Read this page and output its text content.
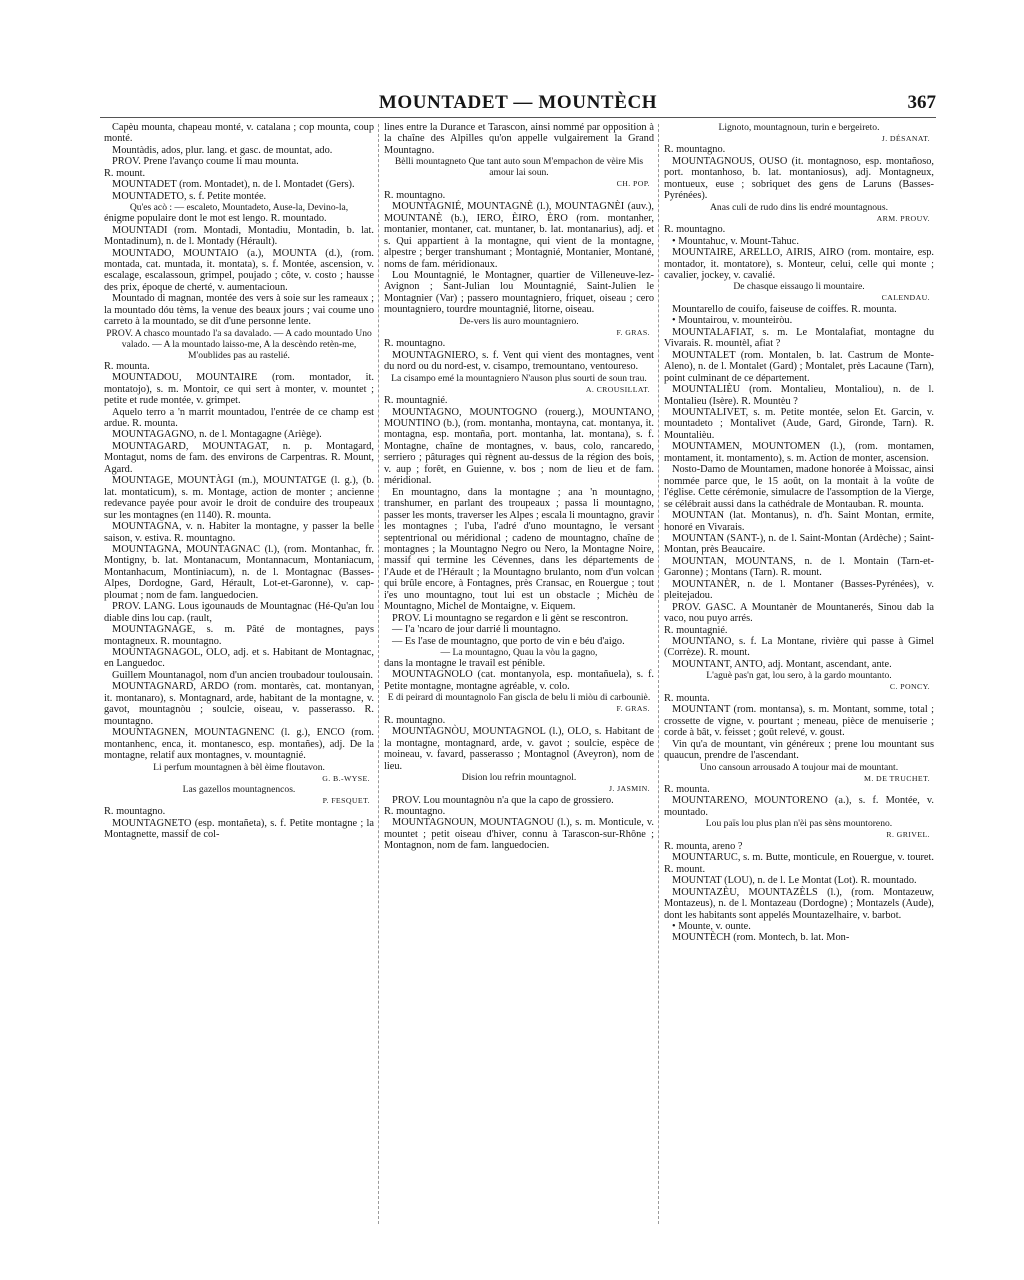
MOUNTADET — MOUNTÈCH	367

Capèu mounta, chapeau monté, v. catalana ; cop mounta, coup monté.

Mountàdis, ados, plur. lang. et gasc. de mountat, ado.

PROV. Prene l'avanço coume li mau mounta.

R. mount.

MOUNTADET (rom. Montadet), n. de l. Montadet (Gers).

MOUNTADETO, s. f. Petite montée.

Qu'es acò : — escaleto, Mountadeto, Ause-la, Devino-la,

énigme populaire dont le mot est lengo. R. mountado.

MOUNTADI (rom. Montadi, Montadiu, Montadin, b. lat. Montadinum), n. de l. Montady (Hérault).

MOUNTADO, MOUNTAIO (a.), MOUNTA (d.), (rom. montada, cat. muntada, it. montata), s. f. Montée, ascension, v. escalage, escalassoun, grimpel, poujado ; côte, v. costo ; hausse des prix, époque de cherté, v. aumentacioun.

Mountado di magnan, montée des vers à soie sur les rameaux ; la mountado dóu tèms, la venue des beaux jours ; vai coume uno carreto à la mountado, se dit d'une personne lente.

PROV. A chasco mountado l'a sa davalado. — A cado mountado Uno valado. — A la mountado laisso-me, A la descèndo retèn-me, M'oublides pas au rastelié.

R. mounta.

MOUNTADOU, MOUNTAIRE (rom. montador, it. montatojo), s. m. Montoir, ce qui sert à monter, v. mountet ; petite et rude montée, v. grimpet.

Aquelo terro a 'n marrit mountadou, l'entrée de ce champ est ardue. R. mounta.

MOUNTAGAGNO, n. de l. Montagagne (Ariège).

MOUNTAGARD, MOUNTAGAT, n. p. Montagard, Montagut, noms de fam. des environs de Carpentras. R. Mount, Agard.

MOUNTAGE, MOUNTÀGI (m.), MOUNTATGE (l. g.), (b. lat. montaticum), s. m. Montage, action de monter ; ancienne redevance payée pour avoir le droit de conduire des troupeaux sur les montagnes (en 1140). R. mounta.

MOUNTAGNA, v. n. Habiter la montagne, y passer la belle saison, v. estiva. R. mountagno.

MOUNTAGNA, MOUNTAGNAC (l.), (rom. Montanhac, fr. Montigny, b. lat. Montanacum, Montannacum, Montaniacum, Montanhacum, Montiniacum), n. de l. Montagnac (Basses-Alpes, Dordogne, Gard, Hérault, Lot-et-Garonne), v. cap-ploumat ; nom de fam. languedocien.

PROV. LANG. Lous igounauds de Mountagnac (Hé-Qu'an lou diable dins lou cap. (rault,

MOUNTAGNAGE, s. m. Pâté de montagnes, pays montagneux. R. mountagno.

MOUNTAGNAGOL, OLO, adj. et s. Habitant de Montagnac, en Languedoc.

Guillem Mountanagol, nom d'un ancien troubadour toulousain.

MOUNTAGNARD, ARDO (rom. montarès, cat. montanyan, it. montanaro), s. Montagnard, arde, habitant de la montagne, v. gavot, mountagnòu ; soulcie, oiseau, v. passerasso. R. mountagno.

MOUNTAGNEN, MOUNTAGNENC (l. g.), ENCO (rom. montanhenc, enca, it. montanesco, esp. montañes), adj. De la montagne, relatif aux montagnes, v. mountagnié.

Li perfum mountagnen à bèl èime floutavon.

G. B.-WYSE.

Las gazellos mountagnencos.

P. FESQUET.

R. mountagno.

MOUNTAGNETO (esp. montañeta), s. f. Petite montagne ; la Montagnette, massif de col-

lines entre la Durance et Tarascon, ainsi nommé par opposition à la chaîne des Alpilles qu'on appelle vulgairement la Grand Mountagno.

Bèlli mountagneto Que tant auto soun M'empachon de vèire Mis amour lai soun.

CH. POP.

R. mountagno.

MOUNTAGNIÉ, MOUNTAGNÈ (l.), MOUNTAGNÈI (auv.), MOUNTANÈ (b.), IERO, ÈIRO, ÈRO (rom. montanher, montanier, montaner, cat. muntaner, b. lat. montanarius), adj. et s. Qui appartient à la montagne, qui vient de la montagne, alpestre ; berger transhumant ; Montagnié, Montanier, Montané, noms de fam. méridionaux.

Lou Mountagnié, le Montagner, quartier de Villeneuve-lez-Avignon ; Sant-Julian lou Mountagnié, Saint-Julien le Montagnier (Var) ; passero mountagniero, friquet, oiseau ; cero mountagniero, tourdre mountagnié, litorne, oiseau.

De-vers lis auro mountagniero.

F. GRAS.

R. mountagno.

MOUNTAGNIERO, s. f. Vent qui vient des montagnes, vent du nord ou du nord-est, v. cisampo, tremountano, ventoureso.

La cisampo emé la mountagniero N'auson plus sourti de soun trau.

A. CROUSILLAT.

R. mountagnié.

MOUNTAGNO, MOUNTOGNO (rouerg.), MOUNTANO, MOUNTINO (b.), (rom. montanha, montayna, cat. montanya, it. montagna, esp. montaña, port. montanha, lat. montana), s. f. Montagne, chaîne de montagnes, v. baus, colo, rancaredo, serriero ; pâturages qui règnent au-dessus de la région des bois, v. aup ; forêt, en Guienne, v. bos ; nom de lieu et de fam. méridional.

En mountagno, dans la montagne ; ana 'n mountagno, transhumer, en parlant des troupeaux ; passa li mountagno, passer les monts, traverser les Alpes ; escala li mountagno, gravir les montagnes ; l'uba, l'adré d'uno mountagno, le versant septentrional ou méridional ; cadeno de mountagno, chaîne de montagnes ; la Mountagno Negro ou Nero, la Montagne Noire, massif qui termine les Cévennes, dans les départements de l'Aude et de l'Hérault ; la Mountagno brulanto, nom d'un volcan qui brûle encore, à Fontagnes, près Cransac, en Rouergue ; tout i'es uno mountagno, tout lui est un obstacle ; Michèu de Mountagno, Michel de Montaigne, v. Eiquem.

PROV. Li mountagno se regardon e li gènt se rescontron.

— I'a 'ncaro de jour darrié li mountagno.

— Es l'ase de mountagno, que porto de vin e béu d'aigo.

— La mountagno, Quau la vòu la gagno,

dans la montagne le travail est pénible.

MOUNTAGNOLO (cat. montanyola, esp. montañuela), s. f. Petite montagne, montagne agréable, v. colo.

E di peirard di mountagnolo Fan giscla de belu li miòu di carbouniè.

F. GRAS.

R. mountagno.

MOUNTAGNÒU, MOUNTAGNOL (l.), OLO, s. Habitant de la montagne, montagnard, arde, v. gavot ; soulcie, espèce de moineau, v. favard, passerasso ; Montagnol (Aveyron), nom de lieu.

Dision lou refrin mountagnol.

J. JASMIN.

PROV. Lou mountagnòu n'a que la capo de grossiero.

R. mountagno.

MOUNTAGNOUN, MOUNTAGNOU (l.), s. m. Monticule, v. mountet ; petit oiseau d'hiver, connu à Tarascon-sur-Rhône ; Montagnon, nom de fam. languedocien.

Lignoto, mountagnoun, turin e bergeireto.

J. DÉSANAT.

R. mountagno.

MOUNTAGNOUS, OUSO (it. montagnoso, esp. montañoso, port. montanhoso, b. lat. montaniosus), adj. Montagneux, montueux, euse ; sobriquet des gens de Laruns (Basses-Pyrénées).

Anas culi de rudo dins lis endré mountagnous.

ARM. PROUV.

R. mountagno.

• Mountahuc, v. Mount-Tahuc.

MOUNTAIRE, ARELLO, AIRIS, AIRO (rom. montaire, esp. montador, it. montatore), s. Monteur, celui, celle qui monte ; cavalier, jockey, v. cavalié.

De chasque eissaugo li mountaire.

CALENDAU.

Mountarello de couifo, faiseuse de coiffes. R. mounta.

• Mountairou, v. mounteiròu.

MOUNTALAFIAT, s. m. Le Montalafiat, montagne du Vivarais. R. mountèl, afiat ?

MOUNTALET (rom. Montalen, b. lat. Castrum de Monte-Aleno), n. de l. Montalet (Gard) ; Montalet, près Lacaune (Tarn), point culminant de ce département.

MOUNTALIÈU (rom. Montalieu, Montaliou), n. de l. Montalieu (Isère). R. Mountèu ?

MOUNTALIVET, s. m. Petite montée, selon Et. Garcin, v. mountadeto ; Montalivet (Aude, Gard, Gironde, Tarn). R. Mountalièu.

MOUNTAMEN, MOUNTOMEN (l.), (rom. montamen, montament, it. montamento), s. m. Action de monter, ascension.

Nosto-Damo de Mountamen, madone honorée à Moissac, ainsi nommée parce que, le 15 août, on la montait à la voûte de l'église. Cette cérémonie, simulacre de l'assomption de la Vierge, se célébrait aussi dans la cathédrale de Montauban. R. mounta.

MOUNTAN (lat. Montanus), n. d'h. Saint Montan, ermite, honoré en Vivarais.

MOUNTAN (SANT-), n. de l. Saint-Montan (Ardèche) ; Saint-Montan, près Beaucaire.

MOUNTAN, MOUNTANS, n. de l. Montain (Tarn-et-Garonne) ; Montans (Tarn). R. mount.

MOUNTANÈR, n. de l. Montaner (Basses-Pyrénées), v. pleitejadou.

PROV. GASC. A Mountanèr de Mountanerés, Sinou dab la vaco, nou puyo arrés.

R. mountagnié.

MOUNTANO, s. f. La Montane, rivière qui passe à Gimel (Corrèze). R. mount.

MOUNTANT, ANTO, adj. Montant, ascendant, ante.

L'aguè pas'n gat, lou sero, à la gardo mountanto.

C. PONCY.

R. mounta.

MOUNTANT (rom. montansa), s. m. Montant, somme, total ; crossette de vigne, v. pourtant ; meneau, pièce de menuiserie ; corde à bât, v. feisset ; goût relevé, v. goust.

Vin qu'a de mountant, vin généreux ; prene lou mountant sus quaucun, prendre de l'ascendant.

Uno cansoun arrousado A toujour mai de mountant.

M. DE TRUCHET.

R. mounta.

MOUNTARENO, MOUNTORENO (a.), s. f. Montée, v. mountado.

Lou païs lou plus plan n'èi pas sèns mountoreno.

R. GRIVEL.

R. mounta, areno ?

MOUNTARUC, s. m. Butte, monticule, en Rouergue, v. touret. R. mount.

MOUNTAT (LOU), n. de l. Le Montat (Lot). R. mountado.

MOUNTAZÈU, MOUNTAZÈLS (l.), (rom. Montazeuw, Montazeus), n. de l. Montazeau (Dordogne) ; Montazels (Aude), dont les habitants sont appelés Mountazelhaire, v. barbot.

• Mounte, v. ounte.

MOUNTÈCH (rom. Montech, b. lat. Mon-
